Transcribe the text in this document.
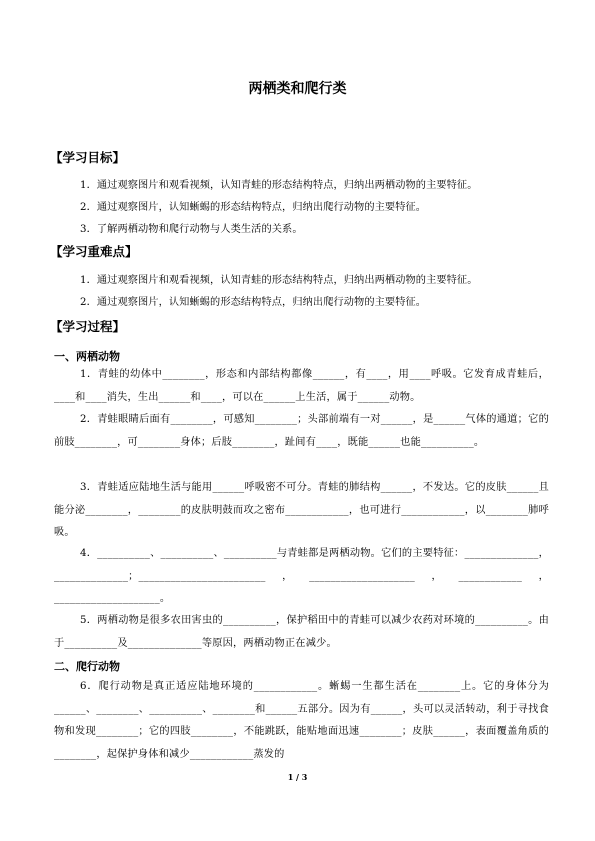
两栖类和爬行类
【学习目标】
1．通过观察图片和观看视频，认知青蛙的形态结构特点，归纳出两栖动物的主要特征。
2．通过观察图片，认知蜥蜴的形态结构特点，归纳出爬行动物的主要特征。
3．了解两栖动物和爬行动物与人类生活的关系。
【学习重难点】
1．通过观察图片和观看视频，认知青蛙的形态结构特点，归纳出两栖动物的主要特征。
2．通过观察图片，认知蜥蜴的形态结构特点，归纳出爬行动物的主要特征。
【学习过程】
一、两栖动物
1．青蛙的幼体中________，形态和内部结构都像______，有____，用____呼吸。它发育成青蛙后，____和____消失，生出______和____，可以在______上生活，属于______动物。
2．青蛙眼睛后面有________，可感知________；头部前端有一对______，是______气体的通道；它的前肢________，可________身体；后肢________，趾间有____，既能______也能__________。
3．青蛙适应陆地生活与能用______呼吸密不可分。青蛙的肺结构______，不发达。它的皮肤______且能分泌________，________的皮肤明鼓而攻之密布____________，也可进行____________，以________肺呼吸。
4．__________、__________、__________与青蛙都是两栖动物。它们的主要特征：______________，______________；________________________，____________________，____________，____________________。
5．两栖动物是很多农田害虫的__________，保护稻田中的青蛙可以减少农药对环境的__________。由于__________及______________等原因，两栖动物正在减少。
二、爬行动物
6．爬行动物是真正适应陆地环境的____________。蜥蜴一生都生活在________上。它的身体分为______、________、__________、________和______五部分。因为有______，头可以灵活转动，利于寻找食物和发现________；它的四肢________，不能跳跃，能贴地面迅速________；皮肤______，表面覆盖角质的________，起保护身体和减少____________蒸发的
1 / 3
